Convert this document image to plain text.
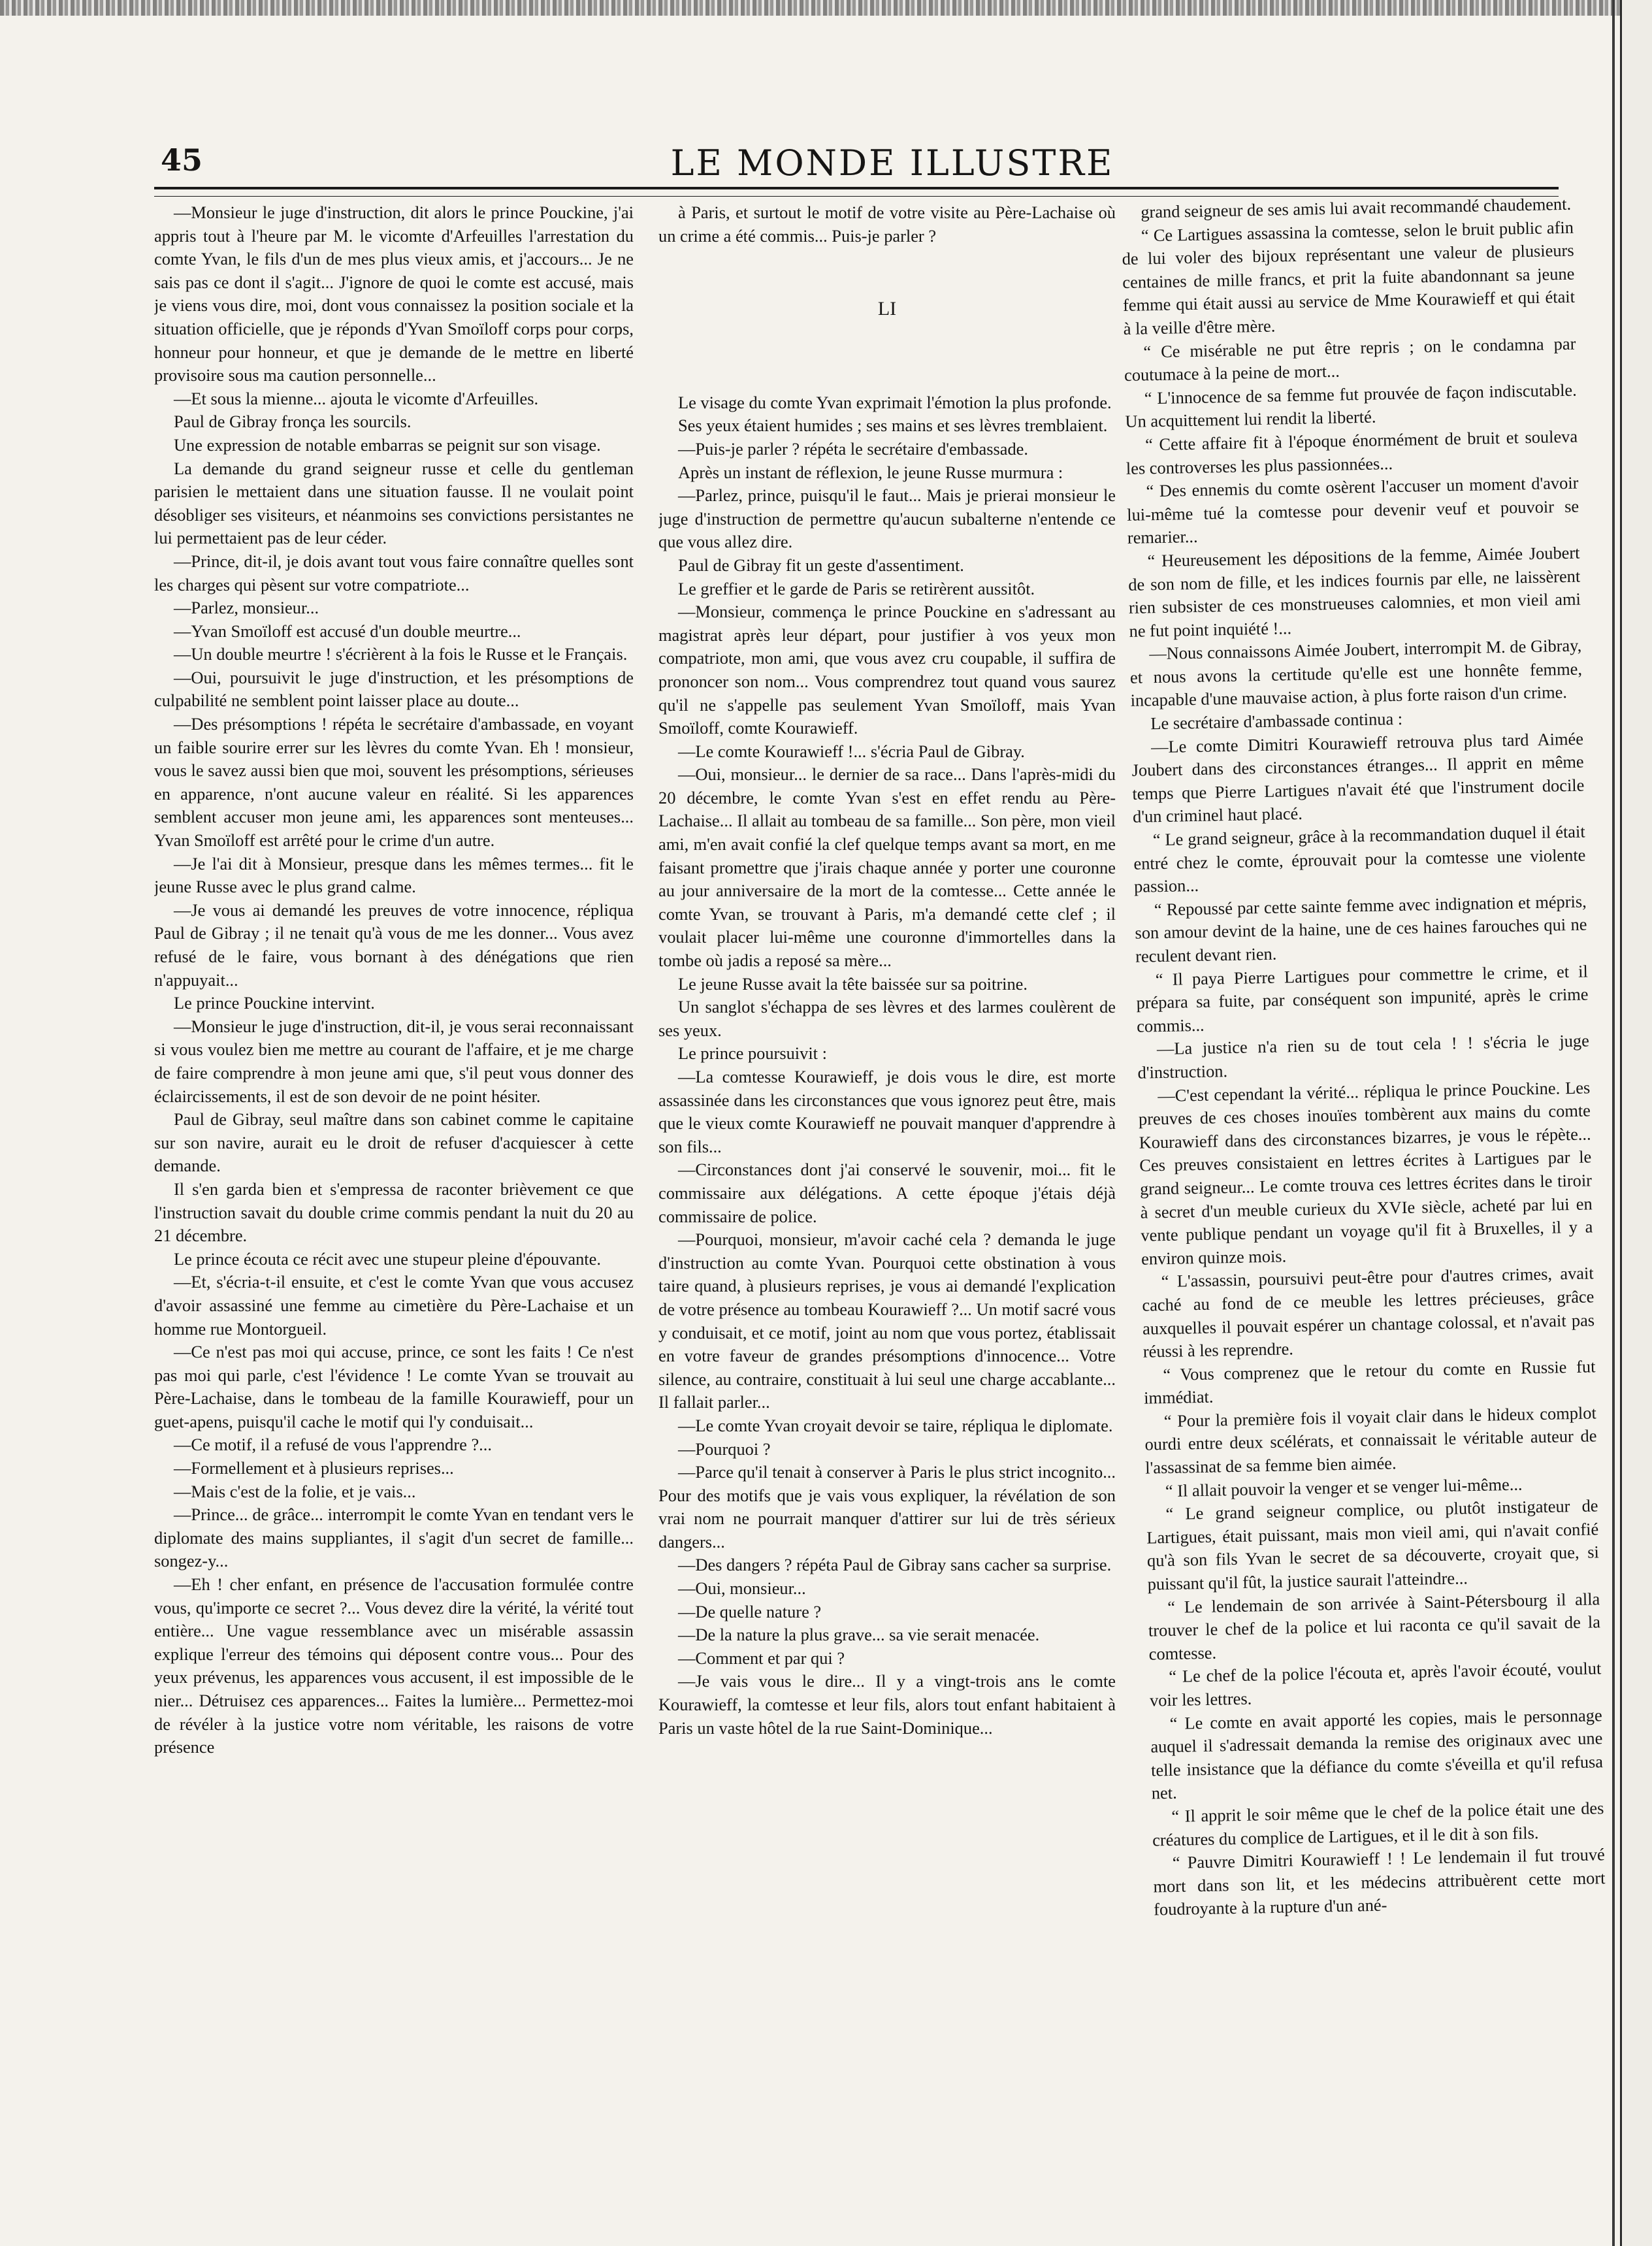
45	LE MONDE ILLUSTRE

—Monsieur le juge d'instruction, dit alors le prince Pouckine, j'ai appris tout à l'heure par M. le vicomte d'Arfeuilles l'arrestation du comte Yvan, le fils d'un de mes plus vieux amis, et j'accours... Je ne sais pas ce dont il s'agit... J'ignore de quoi le comte est accusé, mais je viens vous dire, moi, dont vous connaissez la position sociale et la situation officielle, que je réponds d'Yvan Smoïloff corps pour corps, honneur pour honneur, et que je demande de le mettre en liberté provisoire sous ma caution personnelle...

—Et sous la mienne... ajouta le vicomte d'Arfeuilles.

Paul de Gibray fronça les sourcils.

Une expression de notable embarras se peignit sur son visage.

La demande du grand seigneur russe et celle du gentleman parisien le mettaient dans une situation fausse. Il ne voulait point désobliger ses visiteurs, et néanmoins ses convictions persistantes ne lui permettaient pas de leur céder.

—Prince, dit-il, je dois avant tout vous faire connaître quelles sont les charges qui pèsent sur votre compatriote...

—Parlez, monsieur...

—Yvan Smoïloff est accusé d'un double meurtre...

—Un double meurtre ! s'écrièrent à la fois le Russe et le Français.

—Oui, poursuivit le juge d'instruction, et les présomptions de culpabilité ne semblent point laisser place au doute...

—Des présomptions ! répéta le secrétaire d'ambassade, en voyant un faible sourire errer sur les lèvres du comte Yvan. Eh ! monsieur, vous le savez aussi bien que moi, souvent les présomptions, sérieuses en apparence, n'ont aucune valeur en réalité. Si les apparences semblent accuser mon jeune ami, les apparences sont menteuses... Yvan Smoïloff est arrêté pour le crime d'un autre.

—Je l'ai dit à Monsieur, presque dans les mêmes termes... fit le jeune Russe avec le plus grand calme.

—Je vous ai demandé les preuves de votre innocence, répliqua Paul de Gibray ; il ne tenait qu'à vous de me les donner... Vous avez refusé de le faire, vous bornant à des dénégations que rien n'appuyait...

Le prince Pouckine intervint.

—Monsieur le juge d'instruction, dit-il, je vous serai reconnaissant si vous voulez bien me mettre au courant de l'affaire, et je me charge de faire comprendre à mon jeune ami que, s'il peut vous donner des éclaircissements, il est de son devoir de ne point hésiter.

Paul de Gibray, seul maître dans son cabinet comme le capitaine sur son navire, aurait eu le droit de refuser d'acquiescer à cette demande.

Il s'en garda bien et s'empressa de raconter brièvement ce que l'instruction savait du double crime commis pendant la nuit du 20 au 21 décembre.

Le prince écouta ce récit avec une stupeur pleine d'épouvante.

—Et, s'écria-t-il ensuite, et c'est le comte Yvan que vous accusez d'avoir assassiné une femme au cimetière du Père-Lachaise et un homme rue Montorgueil.

—Ce n'est pas moi qui accuse, prince, ce sont les faits ! Ce n'est pas moi qui parle, c'est l'évidence ! Le comte Yvan se trouvait au Père-Lachaise, dans le tombeau de la famille Kourawieff, pour un guet-apens, puisqu'il cache le motif qui l'y conduisait...

—Ce motif, il a refusé de vous l'apprendre ?...

—Formellement et à plusieurs reprises...

—Mais c'est de la folie, et je vais...

—Prince... de grâce... interrompit le comte Yvan en tendant vers le diplomate des mains suppliantes, il s'agit d'un secret de famille... songez-y...

—Eh ! cher enfant, en présence de l'accusation formulée contre vous, qu'importe ce secret ?... Vous devez dire la vérité, la vérité tout entière... Une vague ressemblance avec un misérable assassin explique l'erreur des témoins qui déposent contre vous... Pour des yeux prévenus, les apparences vous accusent, il est impossible de le nier... Détruisez ces apparences... Faites la lumière... Permettez-moi de révéler à la justice votre nom véritable, les raisons de votre présence

à Paris, et surtout le motif de votre visite au Père-Lachaise où un crime a été commis... Puis-je parler ?

LI

Le visage du comte Yvan exprimait l'émotion la plus profonde.

Ses yeux étaient humides ; ses mains et ses lèvres tremblaient.

—Puis-je parler ? répéta le secrétaire d'embassade.

Après un instant de réflexion, le jeune Russe murmura :

—Parlez, prince, puisqu'il le faut... Mais je prierai monsieur le juge d'instruction de permettre qu'aucun subalterne n'entende ce que vous allez dire.

Paul de Gibray fit un geste d'assentiment.

Le greffier et le garde de Paris se retirèrent aussitôt.

—Monsieur, commença le prince Pouckine en s'adressant au magistrat après leur départ, pour justifier à vos yeux mon compatriote, mon ami, que vous avez cru coupable, il suffira de prononcer son nom... Vous comprendrez tout quand vous saurez qu'il ne s'appelle pas seulement Yvan Smoïloff, mais Yvan Smoïloff, comte Kourawieff.

—Le comte Kourawieff !... s'écria Paul de Gibray.

—Oui, monsieur... le dernier de sa race... Dans l'après-midi du 20 décembre, le comte Yvan s'est en effet rendu au Père-Lachaise... Il allait au tombeau de sa famille... Son père, mon vieil ami, m'en avait confié la clef quelque temps avant sa mort, en me faisant promettre que j'irais chaque année y porter une couronne au jour anniversaire de la mort de la comtesse... Cette année le comte Yvan, se trouvant à Paris, m'a demandé cette clef ; il voulait placer lui-même une couronne d'immortelles dans la tombe où jadis a reposé sa mère...

Le jeune Russe avait la tête baissée sur sa poitrine.

Un sanglot s'échappa de ses lèvres et des larmes coulèrent de ses yeux.

Le prince poursuivit :

—La comtesse Kourawieff, je dois vous le dire, est morte assassinée dans les circonstances que vous ignorez peut être, mais que le vieux comte Kourawieff ne pouvait manquer d'apprendre à son fils...

—Circonstances dont j'ai conservé le souvenir, moi... fit le commissaire aux délégations. A cette époque j'étais déjà commissaire de police.

—Pourquoi, monsieur, m'avoir caché cela ? demanda le juge d'instruction au comte Yvan. Pourquoi cette obstination à vous taire quand, à plusieurs reprises, je vous ai demandé l'explication de votre présence au tombeau Kourawieff ?... Un motif sacré vous y conduisait, et ce motif, joint au nom que vous portez, établissait en votre faveur de grandes présomptions d'innocence... Votre silence, au contraire, constituait à lui seul une charge accablante... Il fallait parler...

—Le comte Yvan croyait devoir se taire, répliqua le diplomate.

—Pourquoi ?

—Parce qu'il tenait à conserver à Paris le plus strict incognito... Pour des motifs que je vais vous expliquer, la révélation de son vrai nom ne pourrait manquer d'attirer sur lui de très sérieux dangers...

—Des dangers ? répéta Paul de Gibray sans cacher sa surprise.

—Oui, monsieur...

—De quelle nature ?

—De la nature la plus grave... sa vie serait menacée.

—Comment et par qui ?

—Je vais vous le dire... Il y a vingt-trois ans le comte Kourawieff, la comtesse et leur fils, alors tout enfant habitaient à Paris un vaste hôtel de la rue Saint-Dominique...

grand seigneur de ses amis lui avait recommandé chaudement.

“ Ce Lartigues assassina la comtesse, selon le bruit public afin de lui voler des bijoux représentant une valeur de plusieurs centaines de mille francs, et prit la fuite abandonnant sa jeune femme qui était aussi au service de Mme Kourawieff et qui était à la veille d'être mère.

“ Ce misérable ne put être repris ; on le condamna par coutumace à la peine de mort...

“ L'innocence de sa femme fut prouvée de façon indiscutable. Un acquittement lui rendit la liberté.

“ Cette affaire fit à l'époque énormément de bruit et souleva les controverses les plus passionnées...

“ Des ennemis du comte osèrent l'accuser un moment d'avoir lui-même tué la comtesse pour devenir veuf et pouvoir se remarier...

“ Heureusement les dépositions de la femme, Aimée Joubert de son nom de fille, et les indices fournis par elle, ne laissèrent rien subsister de ces monstrueuses calomnies, et mon vieil ami ne fut point inquiété !...

—Nous connaissons Aimée Joubert, interrompit M. de Gibray, et nous avons la certitude qu'elle est une honnête femme, incapable d'une mauvaise action, à plus forte raison d'un crime.

Le secrétaire d'ambassade continua :

—Le comte Dimitri Kourawieff retrouva plus tard Aimée Joubert dans des circonstances étranges... Il apprit en même temps que Pierre Lartigues n'avait été que l'instrument docile d'un criminel haut placé.

“ Le grand seigneur, grâce à la recommandation duquel il était entré chez le comte, éprouvait pour la comtesse une violente passion...

“ Repoussé par cette sainte femme avec indignation et mépris, son amour devint de la haine, une de ces haines farouches qui ne reculent devant rien.

“ Il paya Pierre Lartigues pour commettre le crime, et il prépara sa fuite, par conséquent son impunité, après le crime commis...

—La justice n'a rien su de tout cela ! ! s'écria le juge d'instruction.

—C'est cependant la vérité... répliqua le prince Pouckine. Les preuves de ces choses inouïes tombèrent aux mains du comte Kourawieff dans des circonstances bizarres, je vous le répète... Ces preuves consistaient en lettres écrites à Lartigues par le grand seigneur... Le comte trouva ces lettres écrites dans le tiroir à secret d'un meuble curieux du XVIe siècle, acheté par lui en vente publique pendant un voyage qu'il fit à Bruxelles, il y a environ quinze mois.

“ L'assassin, poursuivi peut-être pour d'autres crimes, avait caché au fond de ce meuble les lettres précieuses, grâce auxquelles il pouvait espérer un chantage colossal, et n'avait pas réussi à les reprendre.

“ Vous comprenez que le retour du comte en Russie fut immédiat.

“ Pour la première fois il voyait clair dans le hideux complot ourdi entre deux scélérats, et connaissait le véritable auteur de l'assassinat de sa femme bien aimée.

“ Il allait pouvoir la venger et se venger lui-même...

“ Le grand seigneur complice, ou plutôt instigateur de Lartigues, était puissant, mais mon vieil ami, qui n'avait confié qu'à son fils Yvan le secret de sa découverte, croyait que, si puissant qu'il fût, la justice saurait l'atteindre...

“ Le lendemain de son arrivée à Saint-Pétersbourg il alla trouver le chef de la police et lui raconta ce qu'il savait de la comtesse.

“ Le chef de la police l'écouta et, après l'avoir écouté, voulut voir les lettres.

“ Le comte en avait apporté les copies, mais le personnage auquel il s'adressait demanda la remise des originaux avec une telle insistance que la défiance du comte s'éveilla et qu'il refusa net.

“ Il apprit le soir même que le chef de la police était une des créatures du complice de Lartigues, et il le dit à son fils.

“ Pauvre Dimitri Kourawieff ! ! Le lendemain il fut trouvé mort dans son lit, et les médecins attribuèrent cette mort foudroyante à la rupture d'un ané-
